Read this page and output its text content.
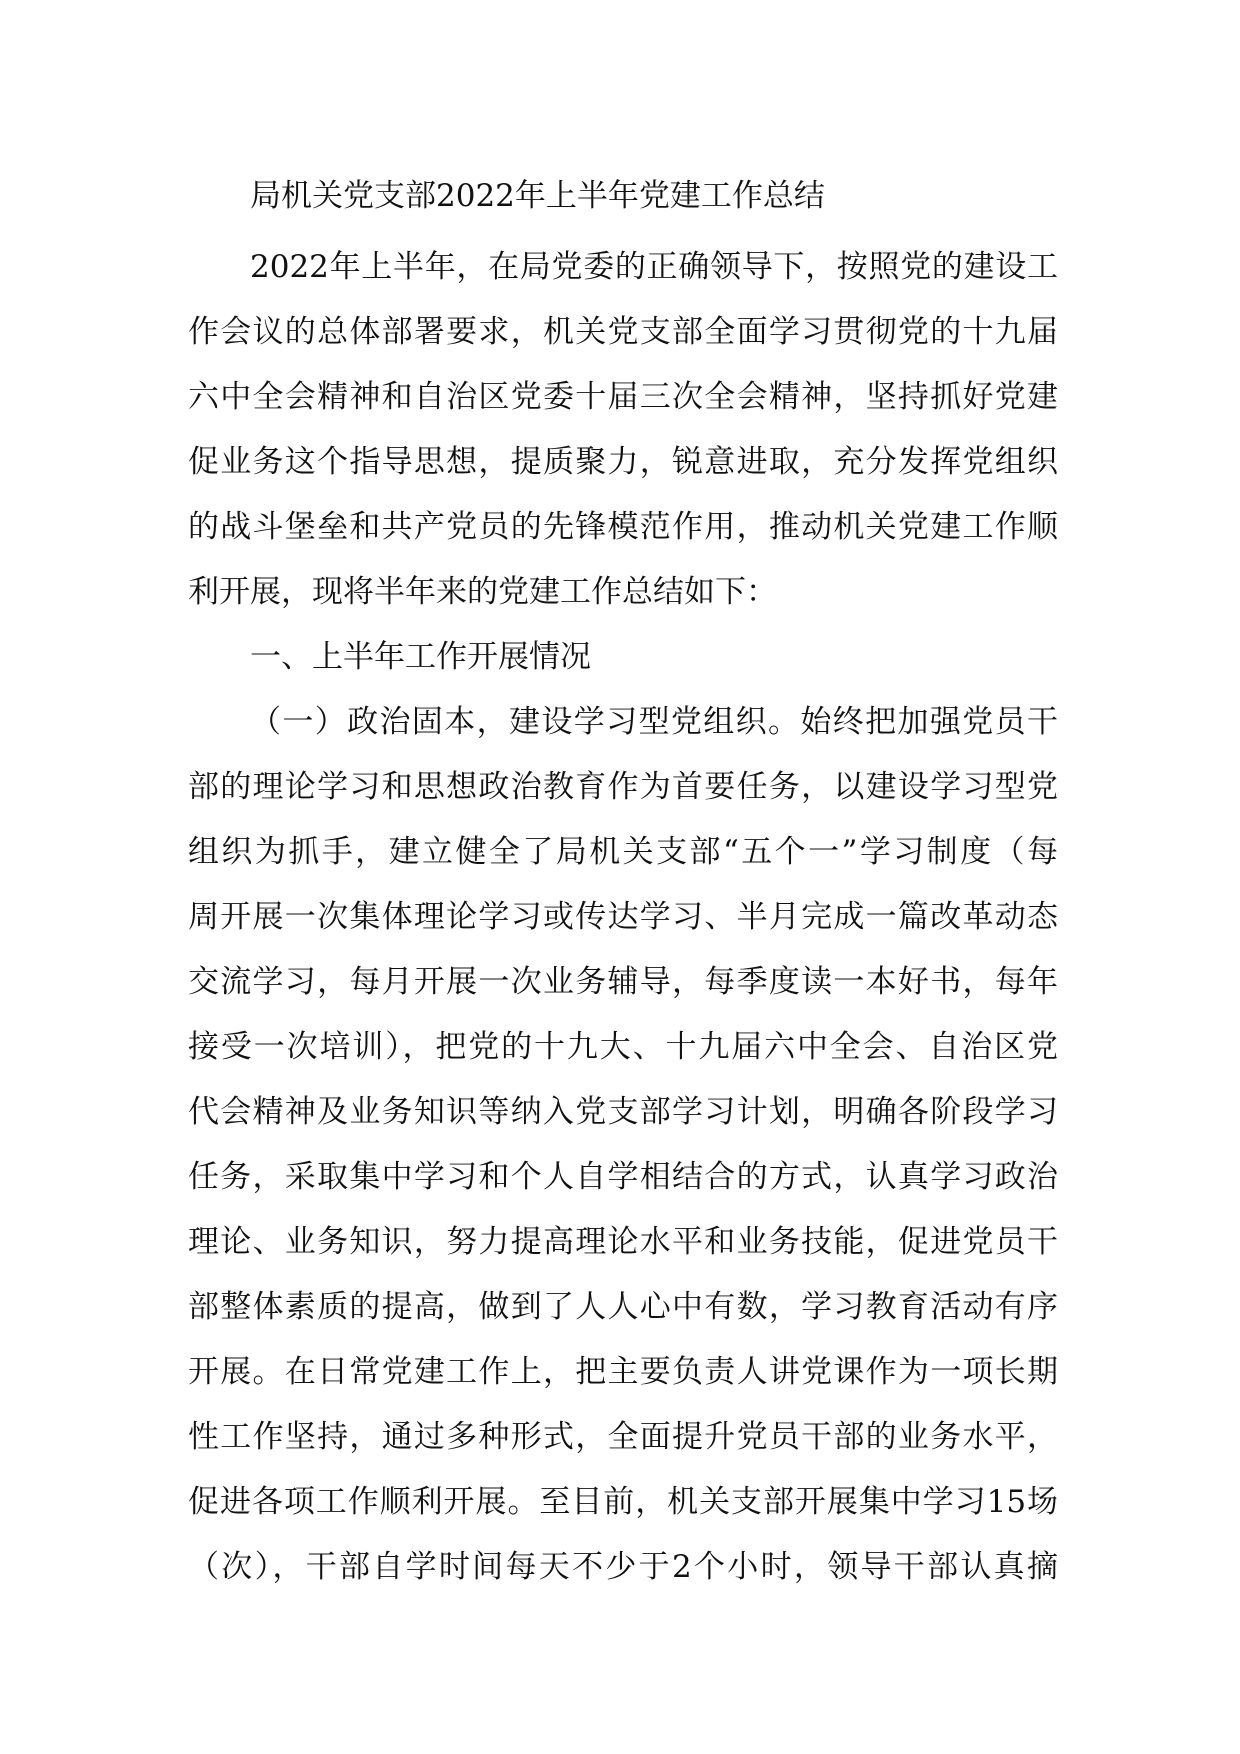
局机关党支部2022年上半年党建工作总结
2022年上半年，在局党委的正确领导下，按照党的建设工
作会议的总体部署要求，机关党支部全面学习贯彻党的十九届
六中全会精神和自治区党委十届三次全会精神，坚持抓好党建
促业务这个指导思想，提质聚力，锐意进取，充分发挥党组织
的战斗堡垒和共产党员的先锋模范作用，推动机关党建工作顺
利开展，现将半年来的党建工作总结如下：
一、上半年工作开展情况
（一）政治固本，建设学习型党组织。始终把加强党员干
部的理论学习和思想政治教育作为首要任务，以建设学习型党
组织为抓手，建立健全了局机关支部“五个一”学习制度（每
周开展一次集体理论学习或传达学习、半月完成一篇改革动态
交流学习，每月开展一次业务辅导，每季度读一本好书，每年
接受一次培训），把党的十九大、十九届六中全会、自治区党
代会精神及业务知识等纳入党支部学习计划，明确各阶段学习
任务，采取集中学习和个人自学相结合的方式，认真学习政治
理论、业务知识，努力提高理论水平和业务技能，促进党员干
部整体素质的提高，做到了人人心中有数，学习教育活动有序
开展。在日常党建工作上，把主要负责人讲党课作为一项长期
性工作坚持，通过多种形式，全面提升党员干部的业务水平，
促进各项工作顺利开展。至目前，机关支部开展集中学习15场
（次），干部自学时间每天不少于2个小时，领导干部认真摘
